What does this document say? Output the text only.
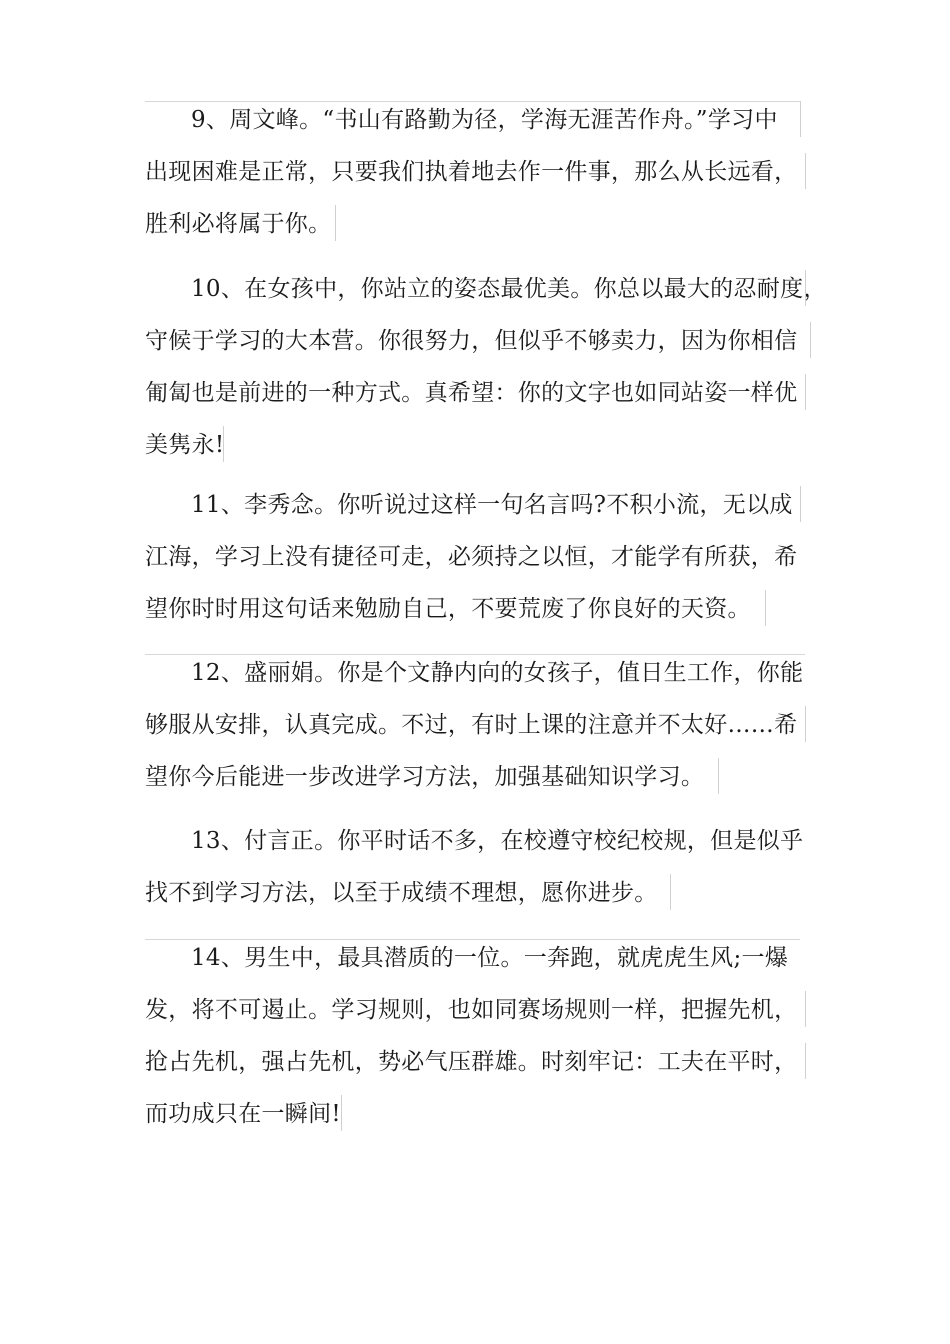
9、周文峰。“书山有路勤为径，学海无涯苦作舟。”学习中
出现困难是正常，只要我们执着地去作一件事，那么从长远看，
胜利必将属于你。
10、在女孩中，你站立的姿态最优美。你总以最大的忍耐度，
守候于学习的大本营。你很努力，但似乎不够卖力，因为你相信
匍匐也是前进的一种方式。真希望：你的文字也如同站姿一样优
美隽永!
11、李秀念。你听说过这样一句名言吗?不积小流，无以成
江海，学习上没有捷径可走，必须持之以恒，才能学有所获，希
望你时时用这句话来勉励自己，不要荒废了你良好的天资。
12、盛丽娟。你是个文静内向的女孩子，值日生工作，你能
够服从安排，认真完成。不过，有时上课的注意并不太好……希
望你今后能进一步改进学习方法，加强基础知识学习。
13、付言正。你平时话不多，在校遵守校纪校规，但是似乎
找不到学习方法，以至于成绩不理想，愿你进步。
14、男生中，最具潜质的一位。一奔跑，就虎虎生风;一爆
发，将不可遏止。学习规则，也如同赛场规则一样，把握先机，
抢占先机，强占先机，势必气压群雄。时刻牢记：工夫在平时，
而功成只在一瞬间!
